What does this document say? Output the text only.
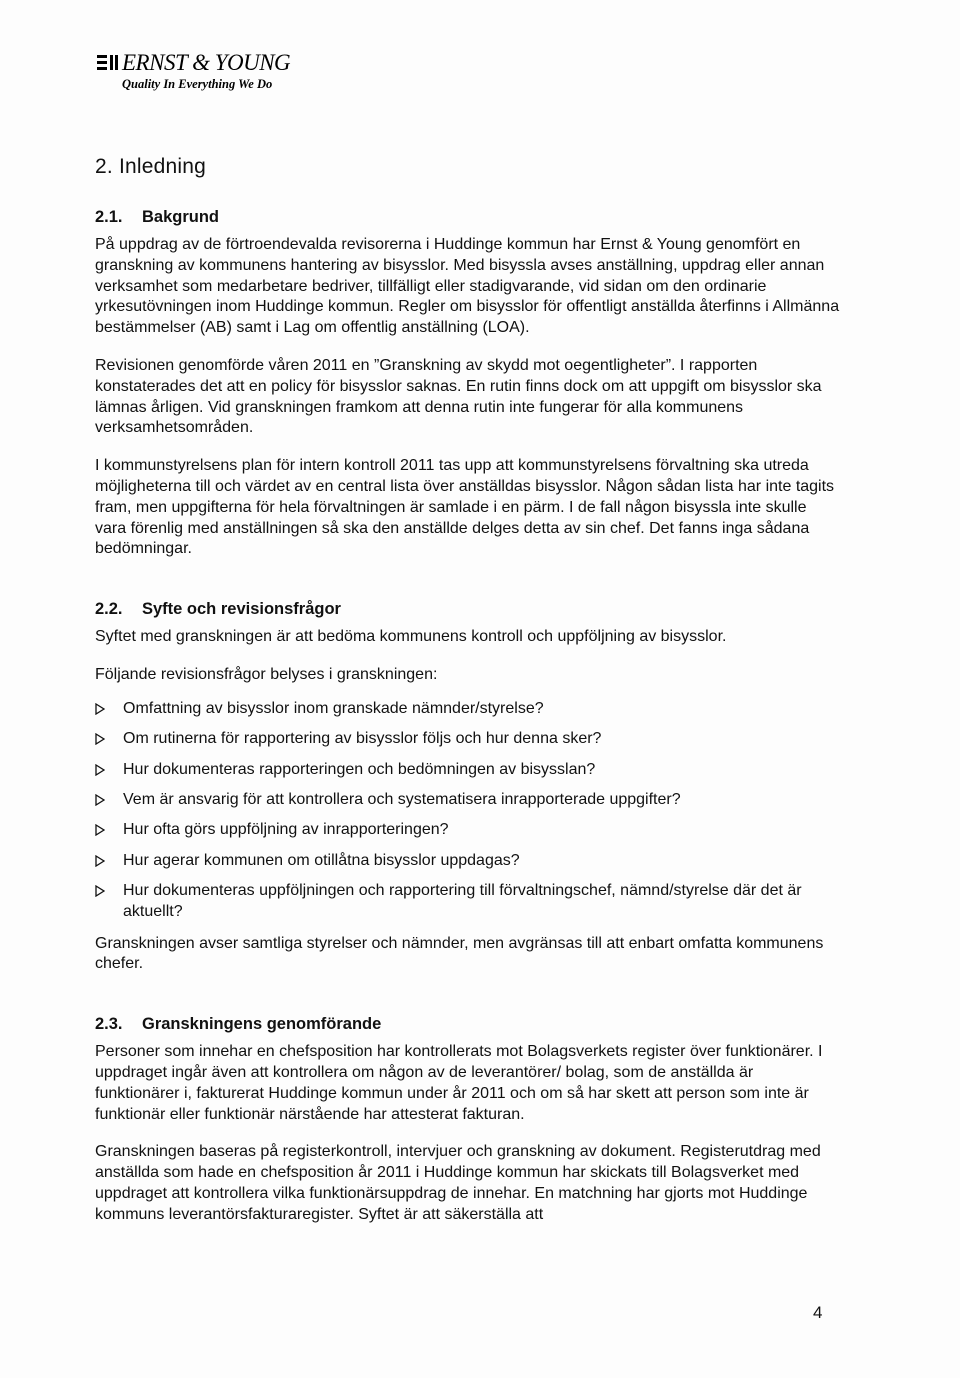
ERNST & YOUNG
Quality In Everything We Do
2. Inledning
2.1. Bakgrund

På uppdrag av de förtroendevalda revisorerna i Huddinge kommun har Ernst & Young genomfört en granskning av kommunens hantering av bisysslor. Med bisyssla avses anställning, uppdrag eller annan verksamhet som medarbetare bedriver, tillfälligt eller stadigvarande, vid sidan om den ordinarie yrkesutövningen inom Huddinge kommun. Regler om bisysslor för offentligt anställda återfinns i Allmänna bestämmelser (AB) samt i Lag om offentlig anställning (LOA).

Revisionen genomförde våren 2011 en ”Granskning av skydd mot oegentligheter”. I rapporten konstaterades det att en policy för bisysslor saknas. En rutin finns dock om att uppgift om bisysslor ska lämnas årligen. Vid granskningen framkom att denna rutin inte fungerar för alla kommunens verksamhetsområden.

I kommunstyrelsens plan för intern kontroll 2011 tas upp att kommunstyrelsens förvaltning ska utreda möjligheterna till och värdet av en central lista över anställdas bisysslor. Någon sådan lista har inte tagits fram, men uppgifterna för hela förvaltningen är samlade i en pärm. I de fall någon bisyssla inte skulle vara förenlig med anställningen så ska den anställde delges detta av sin chef. Det fanns inga sådana bedömningar.

2.2. Syfte och revisionsfrågor

Syftet med granskningen är att bedöma kommunens kontroll och uppföljning av bisysslor.

Följande revisionsfrågor belyses i granskningen:

Omfattning av bisysslor inom granskade nämnder/styrelse?
Om rutinerna för rapportering av bisysslor följs och hur denna sker?
Hur dokumenteras rapporteringen och bedömningen av bisysslan?
Vem är ansvarig för att kontrollera och systematisera inrapporterade uppgifter?
Hur ofta görs uppföljning av inrapporteringen?
Hur agerar kommunen om otillåtna bisysslor uppdagas?
Hur dokumenteras uppföljningen och rapportering till förvaltningschef, nämnd/styrelse där det är aktuellt?

Granskningen avser samtliga styrelser och nämnder, men avgränsas till att enbart omfatta kommunens chefer.

2.3. Granskningens genomförande

Personer som innehar en chefsposition har kontrollerats mot Bolagsverkets register över funktionärer. I uppdraget ingår även att kontrollera om någon av de leverantörer/ bolag, som de anställda är funktionärer i, fakturerat Huddinge kommun under år 2011 och om så har skett att person som inte är funktionär eller funktionär närstående har attesterat fakturan.

Granskningen baseras på registerkontroll, intervjuer och granskning av dokument. Registerutdrag med anställda som hade en chefsposition år 2011 i Huddinge kommun har skickats till Bolagsverket med uppdraget att kontrollera vilka funktionärsuppdrag de innehar. En matchning har gjorts mot Huddinge kommuns leverantörsfakturaregister. Syftet är att säkerställa att

4
